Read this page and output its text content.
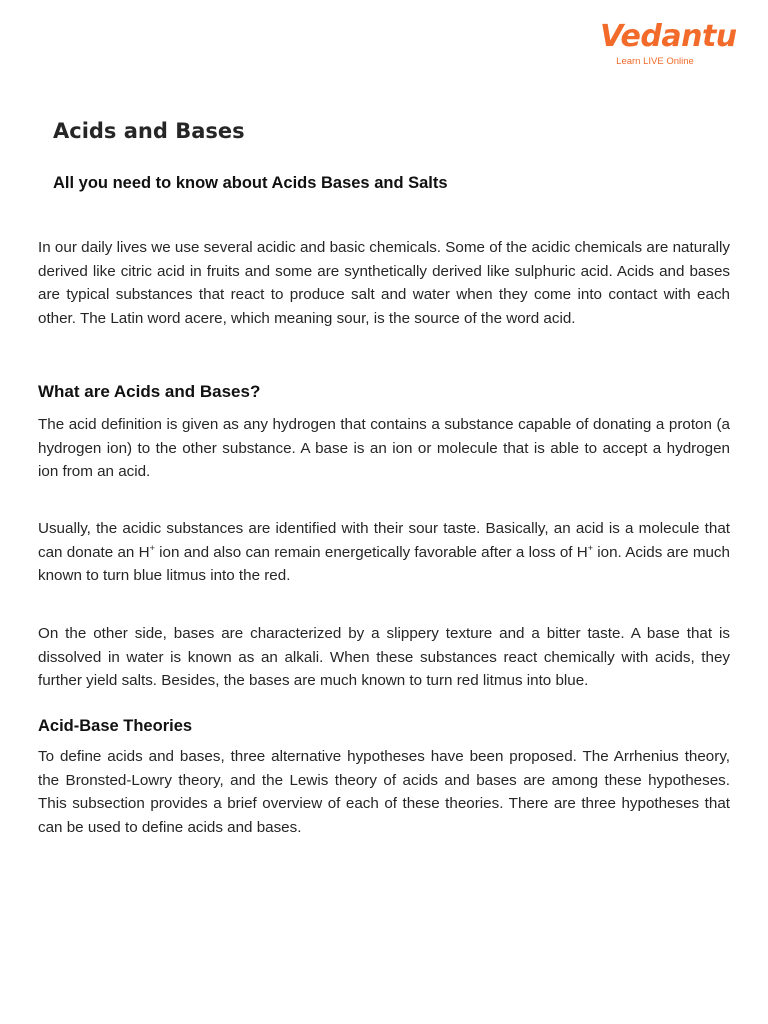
Vedantu
Learn LIVE Online
Acids and Bases
All you need to know about Acids Bases and Salts

In our daily lives we use several acidic and basic chemicals. Some of the acidic chemicals are naturally derived like citric acid in fruits and some are synthetically derived like sulphuric acid. Acids and bases are typical substances that react to produce salt and water when they come into contact with each other. The Latin word acere, which meaning sour, is the source of the word acid.

What are Acids and Bases?

The acid definition is given as any hydrogen that contains a substance capable of donating a proton (a hydrogen ion) to the other substance. A base is an ion or molecule that is able to accept a hydrogen ion from an acid.

Usually, the acidic substances are identified with their sour taste. Basically, an acid is a molecule that can donate an H+ ion and also can remain energetically favorable after a loss of H+ ion. Acids are much known to turn blue litmus into the red.

On the other side, bases are characterized by a slippery texture and a bitter taste. A base that is dissolved in water is known as an alkali. When these substances react chemically with acids, they further yield salts. Besides, the bases are much known to turn red litmus into blue.

Acid-Base Theories

To define acids and bases, three alternative hypotheses have been proposed. The Arrhenius theory, the Bronsted-Lowry theory, and the Lewis theory of acids and bases are among these hypotheses. This subsection provides a brief overview of each of these theories. There are three hypotheses that can be used to define acids and bases.
